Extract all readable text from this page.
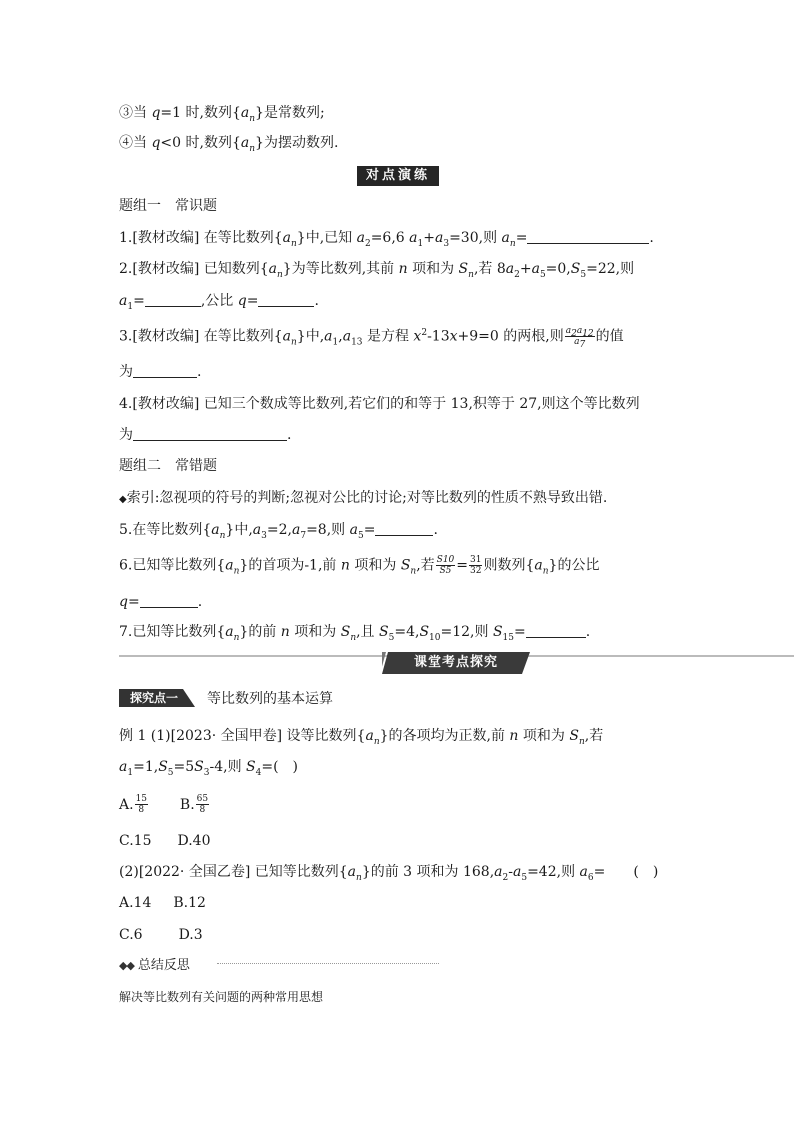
③当 q=1 时,数列$\{a_n\}$是常数列;
④当 q<0 时,数列$\{a_n\}$为摆动数列.
对点演练
题组一　常识题
1.[教材改编] 在等比数列$\{a_n\}$中,已知 $a_2=6,6$ $a_1+a_3=30$,则 $a_n=$	.
2.[教材改编] 已知数列$\{a_n\}$为等比数列,其前 n 项和为 $S_n$,若 $8a_2+a_5=0,S_5=22$,则
$a_1=$	,公比 q=	.
3.[教材改编] 在等比数列$\{a_n\}$中$,a_1,a_{13}$ 是方程 $x^2-13x+9=0$ 的两根,则 $\frac{a_2a_{12}}{a_7}$ 的值
为	.
4.[教材改编] 已知三个数成等比数列,若它们的和等于 13,积等于 27,则这个等比数列
为	.
题组二　常错题
◆索引:忽视项的符号的判断;忽视对公比的讨论;对等比数列的性质不熟导致出错.
5.在等比数列$\{a_n\}$中$,a_3=2,a_7=8$,则 $a_5=$	.
6.已知等比数列$\{a_n\}$的首项为-1,前 n 项和为 $S_n$,若 $\frac{S10}{S5} = \frac{31}{32}$ 则数列$\{a_n\}$的公比
q=	.
7.已知等比数列$\{a_n\}$的前 n 项和为 $S_n$,且 $S_5=4,S_{10}=12$,则 $S_{15}=$	.
课堂考点探究
探究点一	等比数列的基本运算
例 1 (1)[2023· 全国甲卷] 设等比数列$\{a_n\}$的各项均为正数,前 n 项和为 $S_n$,若
$a_1=1,S_5=5S_3-4$,则 $S_4=$(　)
A. $\frac{15}{8} B$. $\frac{65}{8}$
C.15 D.40
(2)[2022· 全国乙卷] 已知等比数列$\{a_n\}$的前 3 项和为 $168,a_2-a_5=42$,则 $a_6=$　　(　)
A.14 B.12
C.6	D.3
◆◆ 总结反思
解决等比数列有关问题的两种常用思想
